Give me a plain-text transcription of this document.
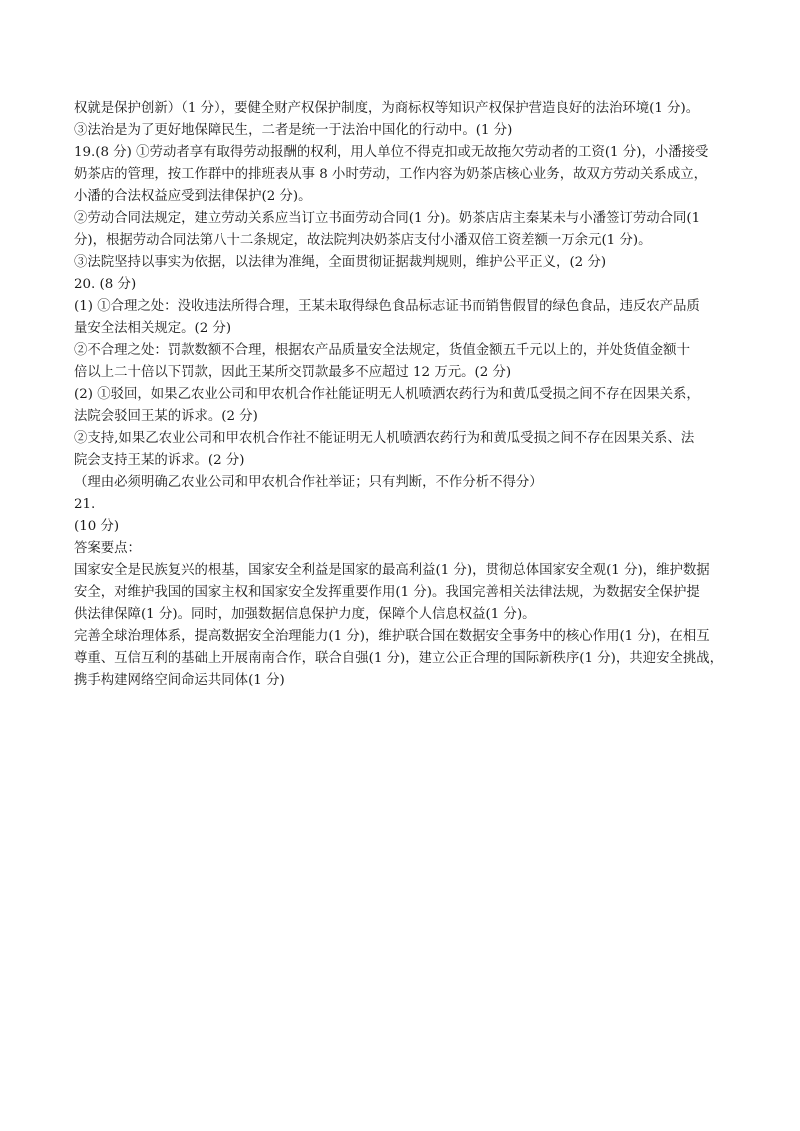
权就是保护创新）（1 分），要健全财产权保护制度，为商标权等知识产权保护营造良好的法治环境(1 分)。
③法治是为了更好地保障民生，二者是统一于法治中国化的行动中。(1 分)
19.(8 分) ①劳动者享有取得劳动报酬的权利，用人单位不得克扣或无故拖欠劳动者的工资(1 分)，小潘接受
奶茶店的管理，按工作群中的排班表从事 8 小时劳动，工作内容为奶茶店核心业务，故双方劳动关系成立，
小潘的合法权益应受到法律保护(2 分)。
②劳动合同法规定，建立劳动关系应当订立书面劳动合同(1 分)。奶茶店店主秦某未与小潘签订劳动合同(1
分)，根据劳动合同法第八十二条规定，故法院判决奶茶店支付小潘双倍工资差额一万余元(1 分)。
③法院坚持以事实为依据，以法律为准绳，全面贯彻证据裁判规则，维护公平正义，(2 分)
20. (8 分)
(1) ①合理之处：没收违法所得合理，王某未取得绿色食品标志证书而销售假冒的绿色食品，违反农产品质
量安全法相关规定。(2 分)
②不合理之处：罚款数额不合理，根据农产品质量安全法规定，货值金额五千元以上的，并处货值金额十
倍以上二十倍以下罚款，因此王某所交罚款最多不应超过 12 万元。(2 分)
(2) ①驳回，如果乙农业公司和甲农机合作社能证明无人机喷洒农药行为和黄瓜受损之间不存在因果关系，
法院会驳回王某的诉求。(2 分)
②支持,如果乙农业公司和甲农机合作社不能证明无人机喷洒农药行为和黄瓜受损之间不存在因果关系、法
院会支持王某的诉求。(2 分)
（理由必须明确乙农业公司和甲农机合作社举证；只有判断，不作分析不得分）
21.
(10 分)
答案要点：
国家安全是民族复兴的根基，国家安全利益是国家的最高利益(1 分)，贯彻总体国家安全观(1 分)，维护数据
安全，对维护我国的国家主权和国家安全发挥重要作用(1 分)。我国完善相关法律法规，为数据安全保护提
供法律保障(1 分)。同时，加强数据信息保护力度，保障个人信息权益(1 分)。
完善全球治理体系，提高数据安全治理能力(1 分)，维护联合国在数据安全事务中的核心作用(1 分)，在相互
尊重、互信互利的基础上开展南南合作，联合自强(1 分)，建立公正合理的国际新秩序(1 分)，共迎安全挑战，
携手构建网络空间命运共同体(1 分)
